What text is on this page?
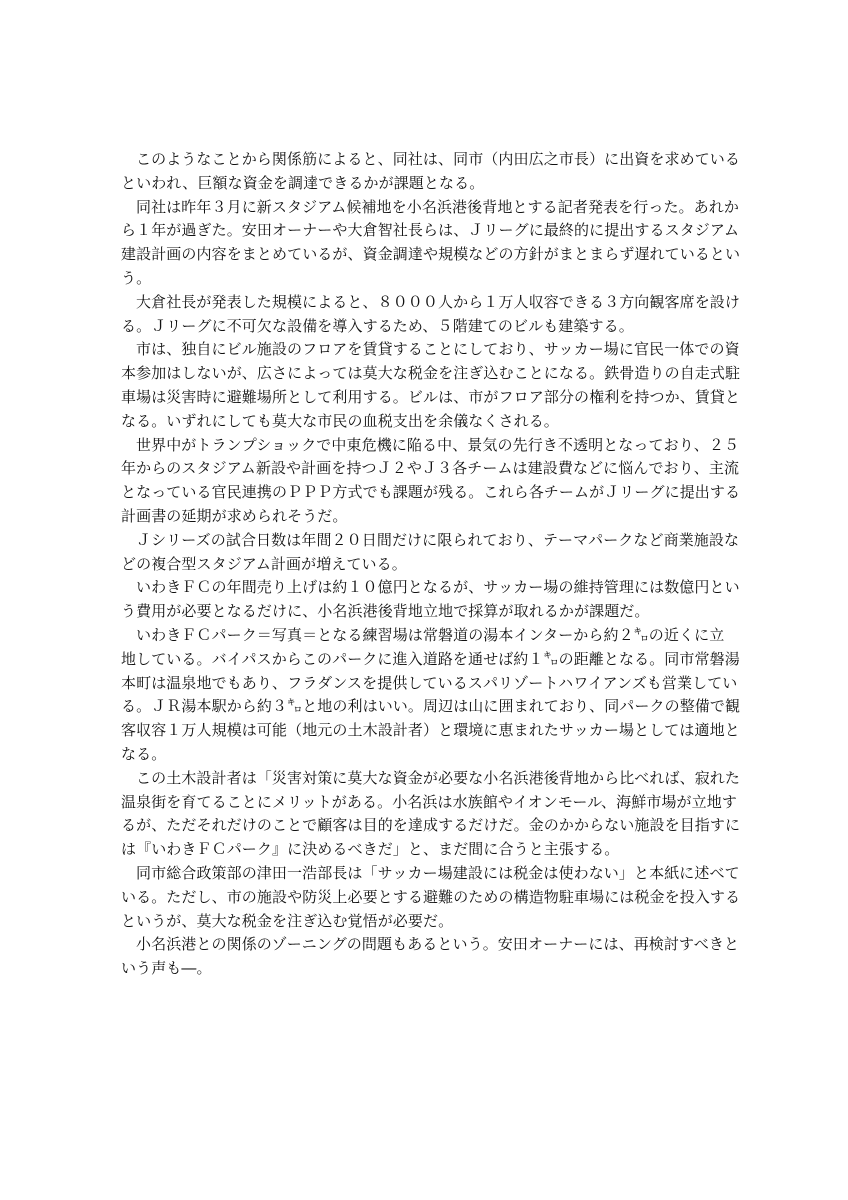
このようなことから関係筋によると、同社は、同市（内田広之市長）に出資を求めている
といわれ、巨額な資金を調達できるかが課題となる。
同社は昨年３月に新スタジアム候補地を小名浜港後背地とする記者発表を行った。あれか
ら１年が過ぎた。安田オーナーや大倉智社長らは、Ｊリーグに最終的に提出するスタジアム
建設計画の内容をまとめているが、資金調達や規模などの方針がまとまらず遅れているとい
う。
大倉社長が発表した規模によると、８０００人から１万人収容できる３方向観客席を設け
る。Ｊリーグに不可欠な設備を導入するため、５階建てのビルも建築する。
市は、独自にビル施設のフロアを賃貸することにしており、サッカー場に官民一体での資
本参加はしないが、広さによっては莫大な税金を注ぎ込むことになる。鉄骨造りの自走式駐
車場は災害時に避難場所として利用する。ビルは、市がフロア部分の権利を持つか、賃貸と
なる。いずれにしても莫大な市民の血税支出を余儀なくされる。
世界中がトランプショックで中東危機に陥る中、景気の先行き不透明となっており、２５
年からのスタジアム新設や計画を持つＪ２やＪ３各チームは建設費などに悩んでおり、主流
となっている官民連携のＰＰＰ方式でも課題が残る。これら各チームがＪリーグに提出する
計画書の延期が求められそうだ。
Ｊシリーズの試合日数は年間２０日間だけに限られており、テーマパークなど商業施設な
どの複合型スタジアム計画が増えている。
いわきＦＣの年間売り上げは約１０億円となるが、サッカー場の維持管理には数億円とい
う費用が必要となるだけに、小名浜港後背地立地で採算が取れるかが課題だ。
いわきＦＣパーク＝写真＝となる練習場は常磐道の湯本インターから約２㌔の近くに立
地している。バイパスからこのパークに進入道路を通せば約１㌔の距離となる。同市常磐湯
本町は温泉地でもあり、フラダンスを提供しているスパリゾートハワイアンズも営業してい
る。ＪＲ湯本駅から約３㌔と地の利はいい。周辺は山に囲まれており、同パークの整備で観
客収容１万人規模は可能（地元の土木設計者）と環境に恵まれたサッカー場としては適地と
なる。
この土木設計者は「災害対策に莫大な資金が必要な小名浜港後背地から比べれば、寂れた
温泉街を育てることにメリットがある。小名浜は水族館やイオンモール、海鮮市場が立地す
るが、ただそれだけのことで顧客は目的を達成するだけだ。金のかからない施設を目指すに
は『いわきＦＣパーク』に決めるべきだ」と、まだ間に合うと主張する。
同市総合政策部の津田一浩部長は「サッカー場建設には税金は使わない」と本紙に述べて
いる。ただし、市の施設や防災上必要とする避難のための構造物駐車場には税金を投入する
というが、莫大な税金を注ぎ込む覚悟が必要だ。
小名浜港との関係のゾーニングの問題もあるという。安田オーナーには、再検討すべきと
いう声も―。
